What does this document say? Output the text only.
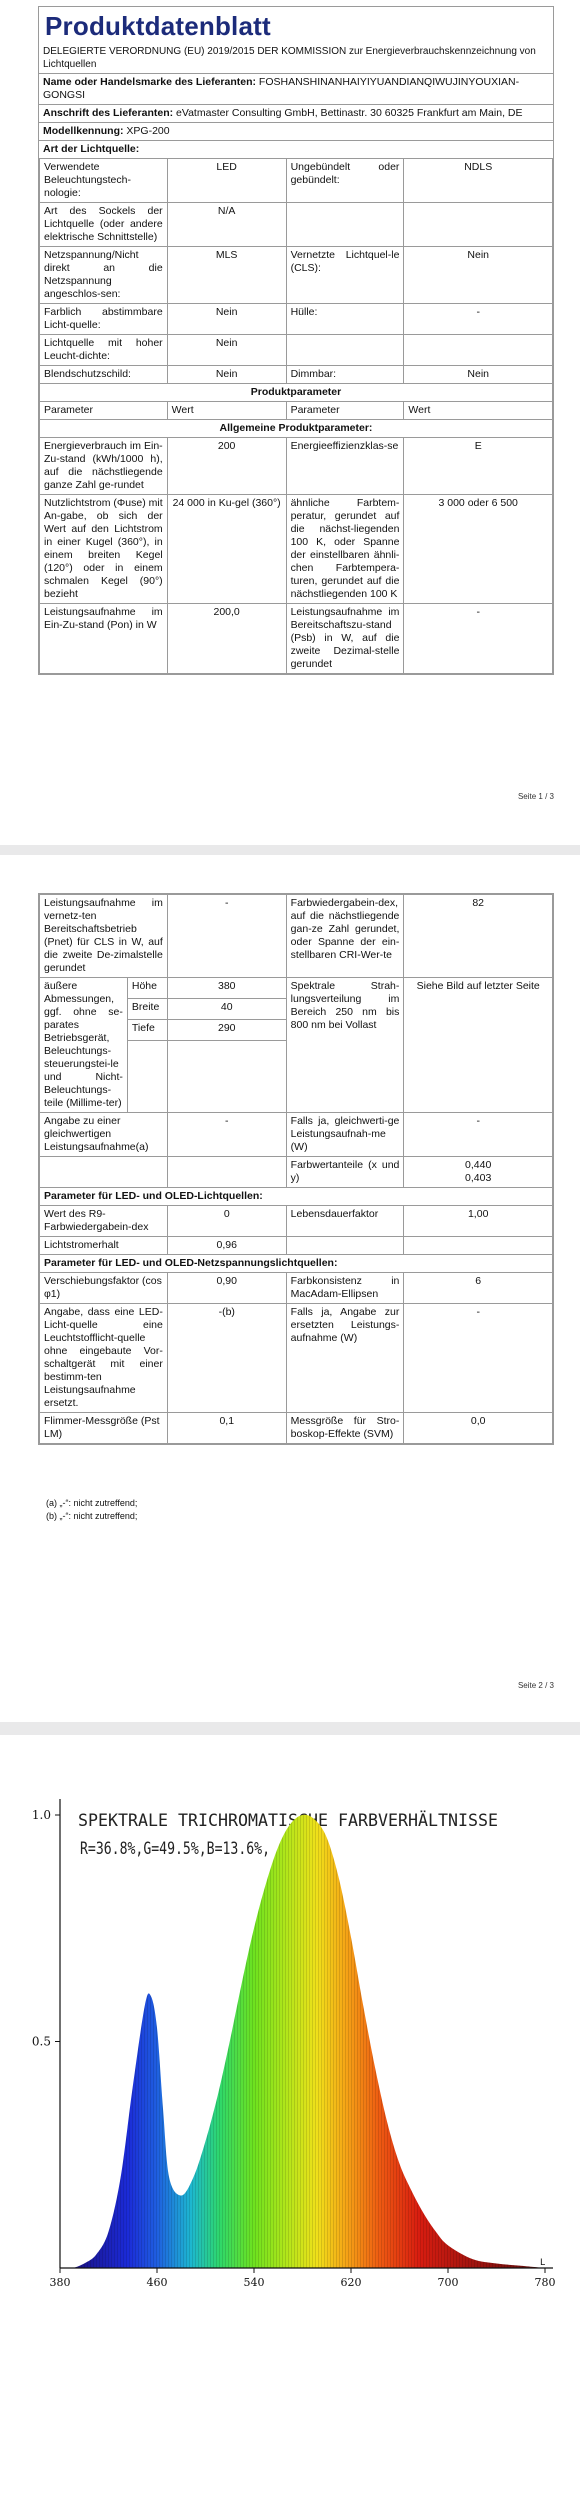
Produktdatenblatt
DELEGIERTE VERORDNUNG (EU) 2019/2015 DER KOMMISSION zur Energieverbrauchskennzeichnung von Lichtquellen
Name oder Handelsmarke des Lieferanten: FOSHANSHINANHAIYIYUANDIANQIWUJINYOUXIAN-GONGSI
Anschrift des Lieferanten: eVatmaster Consulting GmbH, Bettinastr. 30 60325 Frankfurt am Main, DE
Modellkennung: XPG-200
Art der Lichtquelle:
Verwendete Beleuchtungstech-nologie:	LED	Ungebündelt oder gebündelt:	NDLS
Art des Sockels der Lichtquelle (oder andere elektrische Schnittstelle)	N/A		
Netzspannung/Nicht direkt an die Netzspannung angeschlos-sen:	MLS	Vernetzte Lichtquel-le (CLS):	Nein
Farblich abstimmbare Licht-quelle:	Nein	Hülle:	-
Lichtquelle mit hoher Leucht-dichte:	Nein		
Blendschutzschild:	Nein	Dimmbar:	Nein
Produktparameter			
Parameter	Wert	Parameter	Wert
Allgemeine Produktparameter:			
Energieverbrauch im Ein-Zu-stand (kWh/1000 h), auf die nächstliegende ganze Zahl ge-rundet	200	Energieeffizienzklas-se	E
Nutzlichtstrom (Φuse) mit An-gabe, ob sich der Wert auf den Lichtstrom in einer Kugel (360°), in einem breiten Kegel (120°) oder in einem schmalen Kegel (90°) bezieht	24 000 in Ku-gel (360°)	ähnliche Farbtem-peratur, gerundet auf die nächst-liegenden 100 K, oder Spanne der einstellbaren ähnli-chen Farbtempera-turen, gerundet auf die nächstliegenden 100 K	3 000 oder 6 500
Leistungsaufnahme im Ein-Zu-stand (Pon) in W	200,0	Leistungsaufnahme im Bereitschaftszu-stand (Psb) in W, auf die zweite Dezimal-stelle gerundet	-
Seite 1 / 3
Leistungsaufnahme im vernetz-ten Bereitschaftsbetrieb (Pnet) für CLS in W, auf die zweite De-zimalstelle gerundet		-	Farbwiedergabein-dex, auf die nächstliegende gan-ze Zahl gerundet, oder Spanne der ein-stellbaren CRI-Wer-te	82
äußere Abmessungen, ggf. ohne se-parates Betriebsgerät, Beleuchtungs-steuerungstei-le und Nicht-Beleuchtungs-teile (Millime-ter)	Höhe	380	Spektrale Strah-lungsverteilung im Bereich 250 nm bis 800 nm bei Vollast	Siehe Bild auf letzter Seite
	Breite	40		
	Tiefe	290		

Angabe zu einer gleichwertigen Leistungsaufnahme(a)		-	Falls ja, gleichwerti-ge Leistungsaufnah-me (W)	-
			Farbwertanteile (x und y)	0,440
0,403

Parameter für LED- und OLED-Lichtquellen:				
Wert des R9-Farbwiedergabein-dex		0	Lebensdauerfaktor	1,00
Lichtstromerhalt		0,96		
Parameter für LED- und OLED-Netzspannungslichtquellen:				
Verschiebungsfaktor (cos φ1)		0,90	Farbkonsistenz in MacAdam-Ellipsen	6
Angabe, dass eine LED-Licht-quelle eine Leuchtstofflicht-quelle ohne eingebaute Vor-schaltgerät mit einer bestimm-ten Leistungsaufnahme ersetzt.		-(b)	Falls ja, Angabe zur ersetzten Leistungs-aufnahme (W)	-
Flimmer-Messgröße (Pst LM)		0,1	Messgröße für Stro-boskop-Effekte (SVM)	0,0
(a) „-“: nicht zutreffend;
(b) „-“: nicht zutreffend;
Seite 2 / 3
SPEKTRALE TRICHROMATISCHE FARBVERHÄLTNISSE
R=36.8%,G=49.5%,B=13.6%,
380	460	540	620	700	780
1.0
0.5
L
